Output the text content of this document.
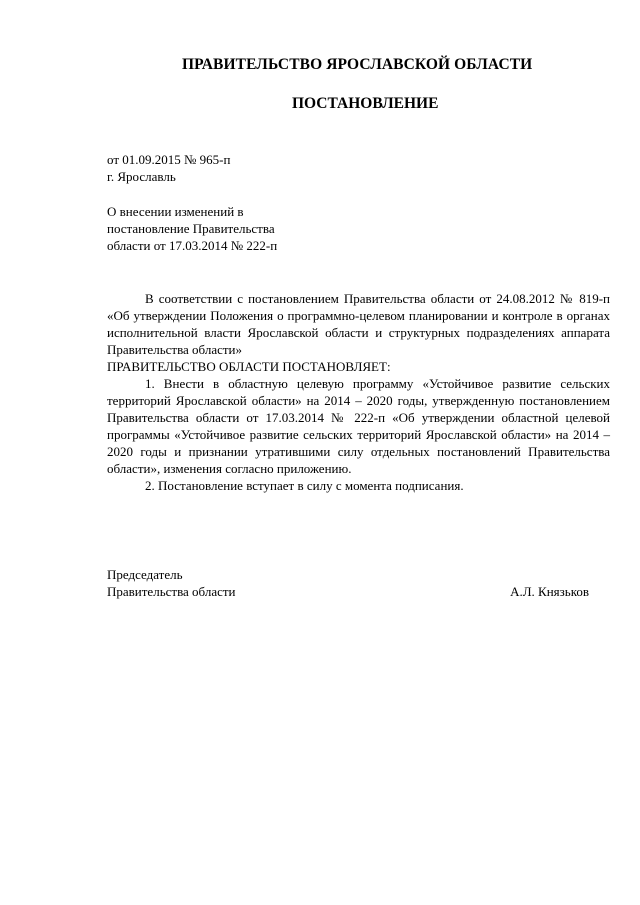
ПРАВИТЕЛЬСТВО ЯРОСЛАВСКОЙ ОБЛАСТИ
ПОСТАНОВЛЕНИЕ
от 01.09.2015 № 965-п
г. Ярославль
О внесении изменений в
постановление Правительства
области от 17.03.2014 № 222-п

В соответствии с постановлением Правительства области от 24.08.2012 № 819-п «Об утверждении Положения о программно-целевом планировании и контроле в органах исполнительной власти Ярославской области и структурных подразделениях аппарата Правительства области»

ПРАВИТЕЛЬСТВО ОБЛАСТИ ПОСТАНОВЛЯЕТ:

1. Внести в областную целевую программу «Устойчивое развитие сельских территорий Ярославской области» на 2014 – 2020 годы, утвержденную постановлением Правительства области от 17.03.2014 № 222-п «Об утверждении областной целевой программы «Устойчивое развитие сельских территорий Ярославской области» на 2014 – 2020 годы и признании утратившими силу отдельных постановлений Правительства области», изменения согласно приложению.

2. Постановление вступает в силу с момента подписания.

Председатель
Правительства области	А.Л. Князьков
